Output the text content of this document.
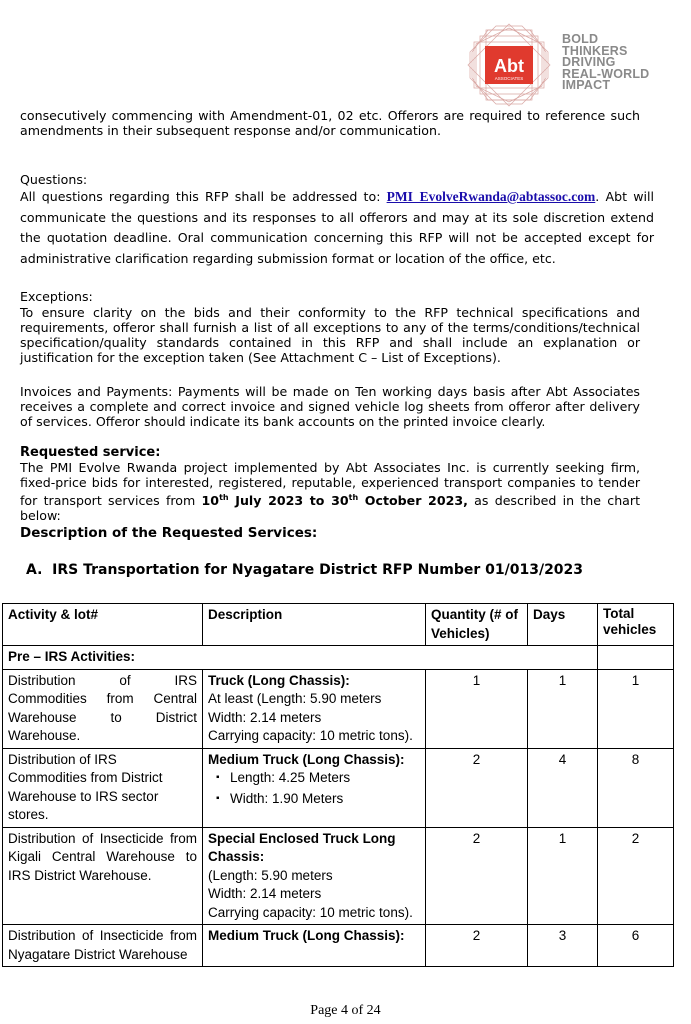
Abt
ASSOCIATES
BOLD
THINKERS
DRIVING
REAL-WORLD
IMPACT

consecutively commencing with Amendment-01, 02 etc. Offerors are required to reference such amendments in their subsequent response and/or communication.

Questions:

All questions regarding this RFP shall be addressed to: PMI_EvolveRwanda@abtassoc.com. Abt will communicate the questions and its responses to all offerors and may at its sole discretion extend the quotation deadline. Oral communication concerning this RFP will not be accepted except for administrative clarification regarding submission format or location of the office, etc.

Exceptions:

To ensure clarity on the bids and their conformity to the RFP technical specifications and requirements, offeror shall furnish a list of all exceptions to any of the terms/conditions/technical specification/quality standards contained in this RFP and shall include an explanation or justification for the exception taken (See Attachment C – List of Exceptions).

Invoices and Payments: Payments will be made on Ten working days basis after Abt Associates receives a complete and correct invoice and signed vehicle log sheets from offeror after delivery of services. Offeror should indicate its bank accounts on the printed invoice clearly.

Requested service:

The PMI Evolve Rwanda project implemented by Abt Associates Inc. is currently seeking firm, fixed-price bids for interested, registered, reputable, experienced transport companies to tender for transport services from 10th July 2023 to 30th October 2023, as described in the chart below:

Description of the Requested Services:
A. IRS Transportation for Nyagatare District RFP Number 01/013/2023
Activity & lot#	Description	Quantity (# of Vehicles)	Days	Total vehicles
Pre – IRS Activities:				
Distribution of IRS Commodities from Central Warehouse to District Warehouse.	Truck (Long Chassis):
At least (Length: 5.90 meters
Width: 2.14 meters
Carrying capacity: 10 metric tons).	1	1	1
Distribution of IRS Commodities from District Warehouse to IRS sector stores.	Medium Truck (Long Chassis):
▪ Length: 4.25 Meters
▪ Width: 1.90 Meters	2	4	8
Distribution of Insecticide from Kigali Central Warehouse to IRS District Warehouse.	Special Enclosed Truck Long Chassis:
(Length: 5.90 meters
Width: 2.14 meters
Carrying capacity: 10 metric tons).	2	1	2
Distribution of Insecticide from Nyagatare District Warehouse	Medium Truck (Long Chassis):	2	3	6
Page 4 of 24
